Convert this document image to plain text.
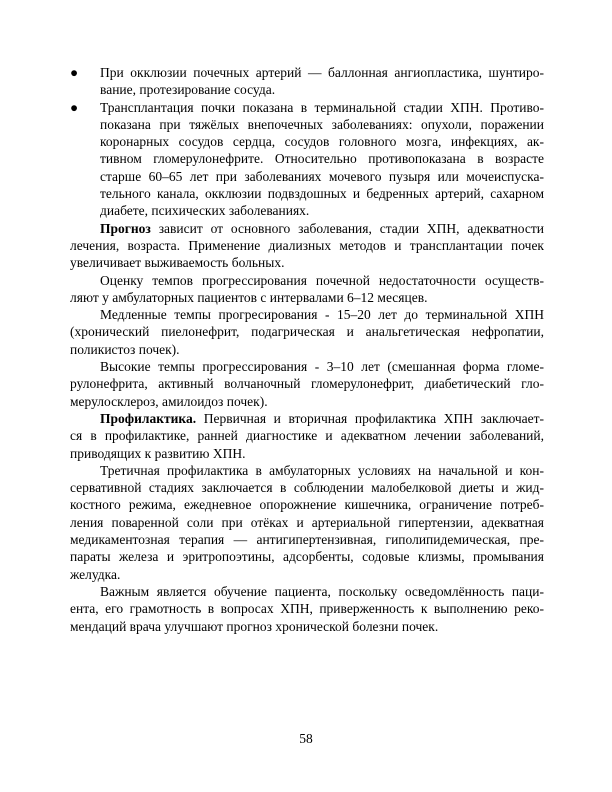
● При окклюзии почечных артерий — баллонная ангиопластика, шунтиро-
вание, протезирование сосуда.
● Трансплантация почки показана в терминальной стадии ХПН. Противо-
показана при тяжёлых внепочечных заболеваниях: опухоли, поражении
коронарных сосудов сердца, сосудов головного мозга, инфекциях, ак-
тивном гломерулонефрите. Относительно противопоказана в возрасте
старше 60–65 лет при заболеваниях мочевого пузыря или мочеиспуска-
тельного канала, окклюзии подвздошных и бедренных артерий, сахарном
диабете, психических заболеваниях.
Прогноз зависит от основного заболевания, стадии ХПН, адекватности
лечения, возраста. Применение диализных методов и трансплантации почек
увеличивает выживаемость больных.
Оценку темпов прогрессирования почечной недостаточности осуществ-
ляют у амбулаторных пациентов с интервалами 6–12 месяцев.
Медленные темпы прогресирования - 15–20 лет до терминальной ХПН
(хронический пиелонефрит, подагрическая и анальгетическая нефропатии,
поликистоз почек).
Высокие темпы прогрессирования - 3–10 лет (смешанная форма гломе-
рулонефрита, активный волчаночный гломерулонефрит, диабетический гло-
мерулосклероз, амилоидоз почек).
Профилактика. Первичная и вторичная профилактика ХПН заключает-
ся в профилактике, ранней диагностике и адекватном лечении заболеваний,
приводящих к развитию ХПН.
Третичная профилактика в амбулаторных условиях на начальной и кон-
сервативной стадиях заключается в соблюдении малобелковой диеты и жид-
костного режима, ежедневное опорожнение кишечника, ограничение потреб-
ления поваренной соли при отёках и артериальной гипертензии, адекватная
медикаментозная терапия — антигипертензивная, гиполипидемическая, пре-
параты железа и эритропоэтины, адсорбенты, содовые клизмы, промывания
желудка.
Важным является обучение пациента, поскольку осведомлённость паци-
ента, его грамотность в вопросах ХПН, приверженность к выполнению реко-
мендаций врача улучшают прогноз хронической болезни почек.
58
